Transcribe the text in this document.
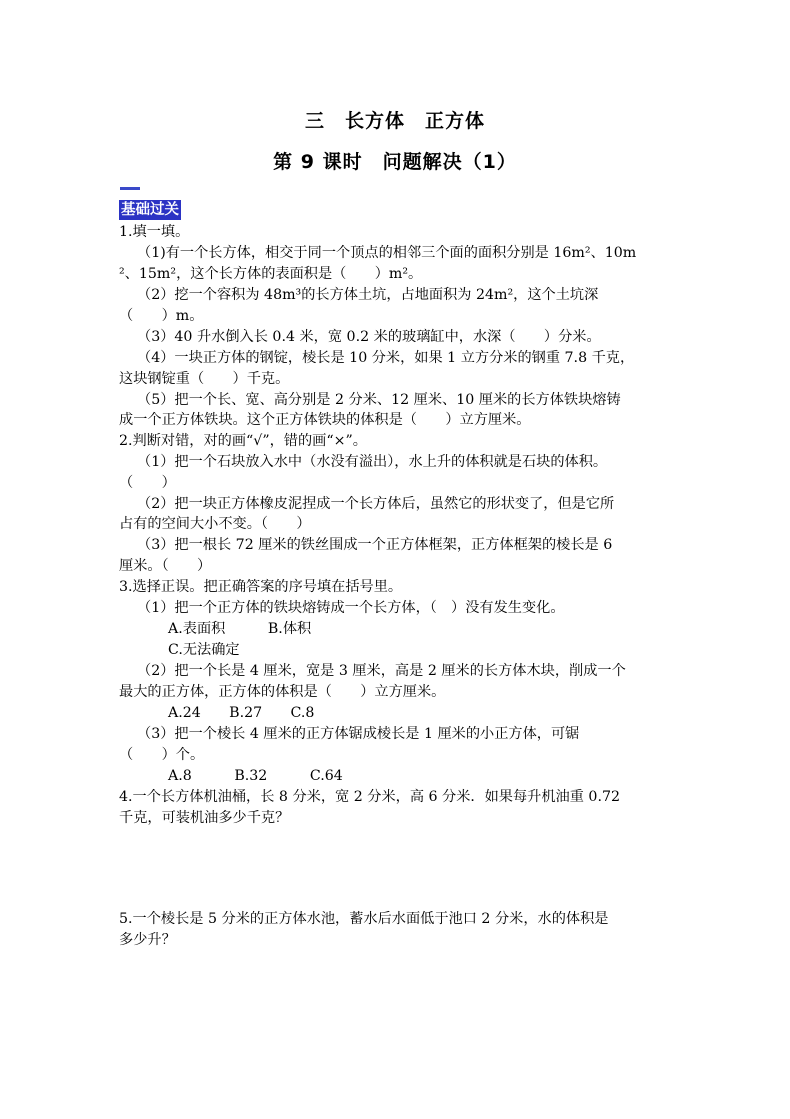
三　长方体　正方体
第 9 课时　问题解决（1）
基础过关
1.填一填。
（1)有一个长方体，相交于同一个顶点的相邻三个面的面积分别是 16m²、10m
²、15m²，这个长方体的表面积是（　　）m²。
（2）挖一个容积为 48m³的长方体土坑，占地面积为 24m²，这个土坑深
（　　）m。
（3）40 升水倒入长 0.4 米，宽 0.2 米的玻璃缸中，水深（　　）分米。
（4）一块正方体的钢锭，棱长是 10 分米，如果 1 立方分米的钢重 7.8 千克，
这块钢锭重（　　）千克。
（5）把一个长、宽、高分别是 2 分米、12 厘米、10 厘米的长方体铁块熔铸
成一个正方体铁块。这个正方体铁块的体积是（　　）立方厘米。
2.判断对错，对的画“√”，错的画“×”。
（1）把一个石块放入水中（水没有溢出），水上升的体积就是石块的体积。
（　　）
（2）把一块正方体橡皮泥捏成一个长方体后，虽然它的形状变了，但是它所
占有的空间大小不变。（　　）
（3）把一根长 72 厘米的铁丝围成一个正方体框架，正方体框架的棱长是 6
厘米。（　　）
3.选择正误。把正确答案的序号填在括号里。
（1）把一个正方体的铁块熔铸成一个长方体，（　）没有发生变化。
A.表面积　　　B.体积
C.无法确定
（2）把一个长是 4 厘米，宽是 3 厘米，高是 2 厘米的长方体木块，削成一个
最大的正方体，正方体的体积是（　　）立方厘米。
A.24　　B.27　　C.8
（3）把一个棱长 4 厘米的正方体锯成棱长是 1 厘米的小正方体，可锯
（　　）个。
A.8　　　B.32　　　C.64
4.一个长方体机油桶，长 8 分米，宽 2 分米，高 6 分米．如果每升机油重 0.72
千克，可装机油多少千克？
5.一个棱长是 5 分米的正方体水池，蓄水后水面低于池口 2 分米，水的体积是
多少升？
